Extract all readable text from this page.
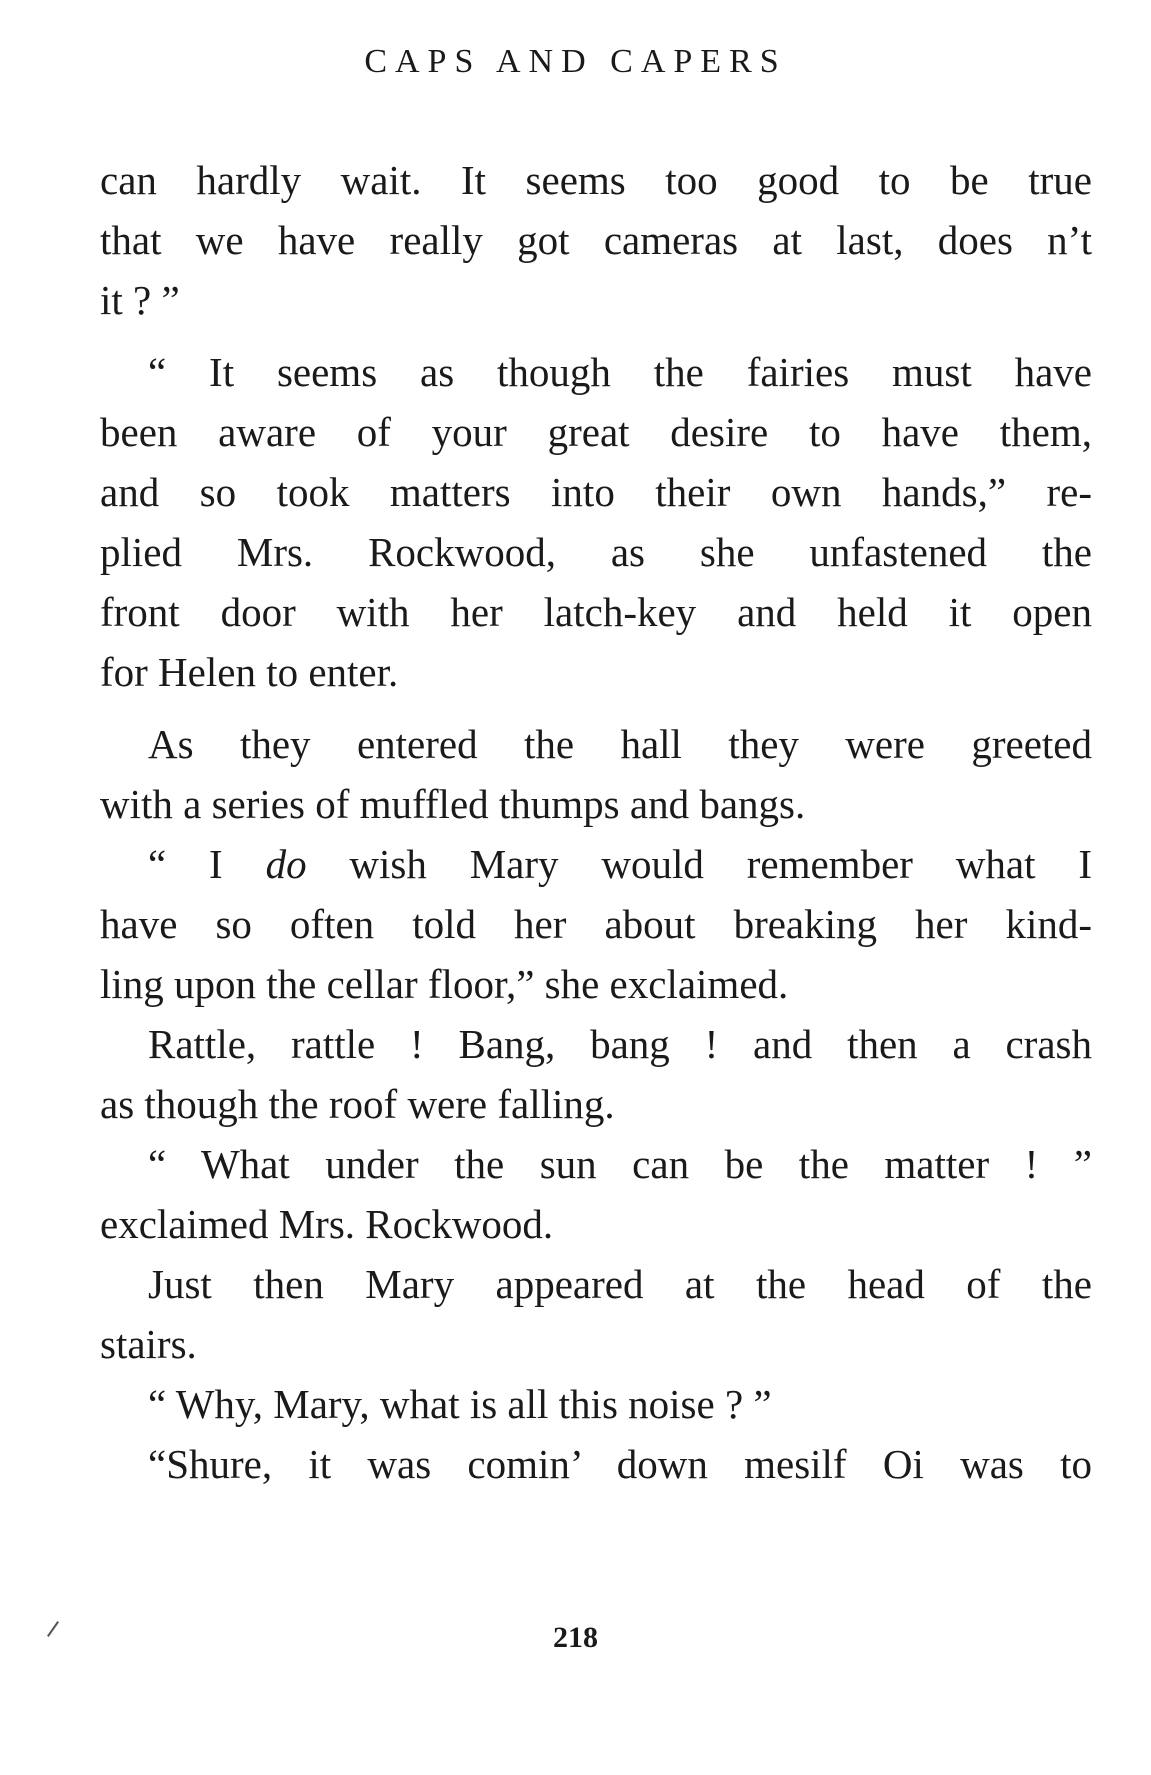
CAPS AND CAPERS
can hardly wait. It seems too good to be true
that we have really got cameras at last, does n’t
it ? ”
“ It seems as though the fairies must have
been aware of your great desire to have them,
and so took matters into their own hands,” re-
plied Mrs. Rockwood, as she unfastened the
front door with her latch-key and held it open
for Helen to enter.
As they entered the hall they were greeted
with a series of muffled thumps and bangs.
“ I do wish Mary would remember what I
have so often told her about breaking her kind-
ling upon the cellar floor,” she exclaimed.
Rattle, rattle ! Bang, bang ! and then a crash
as though the roof were falling.
“ What under the sun can be the matter ! ”
exclaimed Mrs. Rockwood.
Just then Mary appeared at the head of the
stairs.
“ Why, Mary, what is all this noise ? ”
“Shure, it was comin’ down mesilf Oi was to
218
